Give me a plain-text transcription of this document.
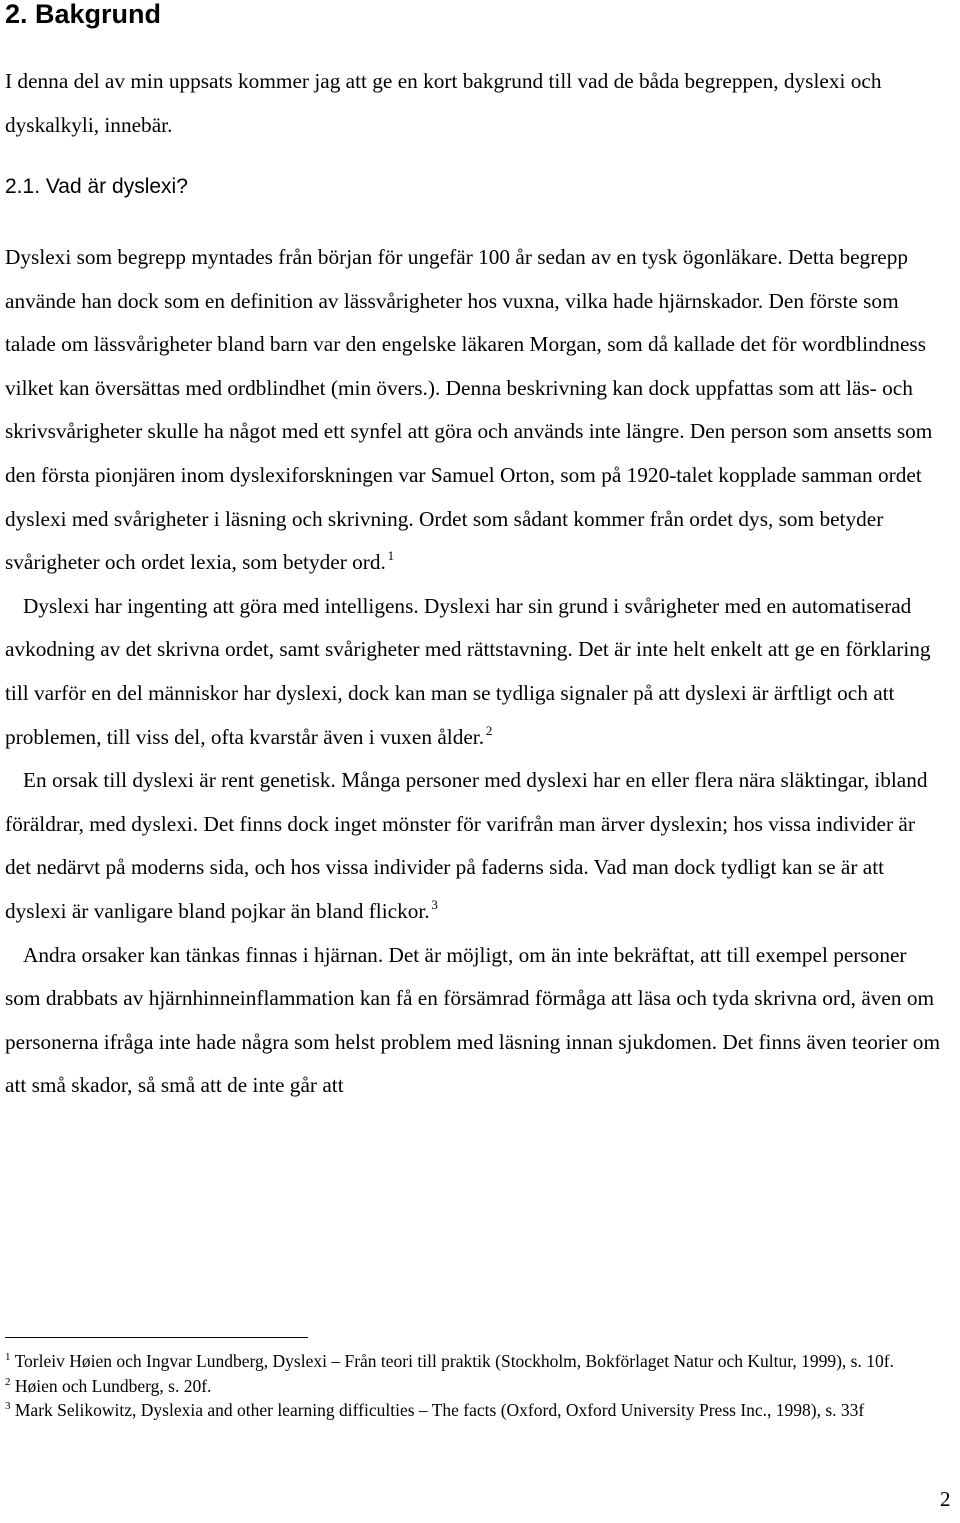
2. Bakgrund

I denna del av min uppsats kommer jag att ge en kort bakgrund till vad de båda begreppen, dyslexi och dyskalkyli, innebär.

2.1. Vad är dyslexi?

Dyslexi som begrepp myntades från början för ungefär 100 år sedan av en tysk ögonläkare. Detta begrepp använde han dock som en definition av lässvårigheter hos vuxna, vilka hade hjärnskador. Den förste som talade om lässvårigheter bland barn var den engelske läkaren Morgan, som då kallade det för wordblindness vilket kan översättas med ordblindhet (min övers.). Denna beskrivning kan dock uppfattas som att läs- och skrivsvårigheter skulle ha något med ett synfel att göra och används inte längre. Den person som ansetts som den första pionjären inom dyslexiforskningen var Samuel Orton, som på 1920-talet kopplade samman ordet dyslexi med svårigheter i läsning och skrivning. Ordet som sådant kommer från ordet dys, som betyder svårigheter och ordet lexia, som betyder ord.  $^1$

Dyslexi har ingenting att göra med intelligens. Dyslexi har sin grund i svårigheter med en automatiserad avkodning av det skrivna ordet, samt svårigheter med rättstavning. Det är inte helt enkelt att ge en förklaring till varför en del människor har dyslexi, dock kan man se tydliga signaler på att dyslexi är ärftligt och att problemen, till viss del, ofta kvarstår även i vuxen ålder.  $^2$

En orsak till dyslexi är rent genetisk. Många personer med dyslexi har en eller flera nära släktingar, ibland föräldrar, med dyslexi. Det finns dock inget mönster för varifrån man ärver dyslexin; hos vissa individer är det nedärvt på moderns sida, och hos vissa individer på faderns sida. Vad man dock tydligt kan se är att dyslexi är vanligare bland pojkar än bland flickor.  $^3$

Andra orsaker kan tänkas finnas i hjärnan. Det är möjligt, om än inte bekräftat, att till exempel personer som drabbats av hjärnhinneinflammation kan få en försämrad förmåga att läsa och tyda skrivna ord, även om personerna ifråga inte hade några som helst problem med läsning innan sjukdomen. Det finns även teorier om att små skador, så små att de inte går att

$^1$ Torleiv Høien och Ingvar Lundberg, Dyslexi – Från teori till praktik (Stockholm, Bokförlaget Natur och Kultur, 1999), s. 10f.

$^2$ Høien och Lundberg, s. 20f.

$^3$ Mark Selikowitz, Dyslexia and other learning difficulties – The facts (Oxford, Oxford University Press Inc., 1998), s. 33f

2
